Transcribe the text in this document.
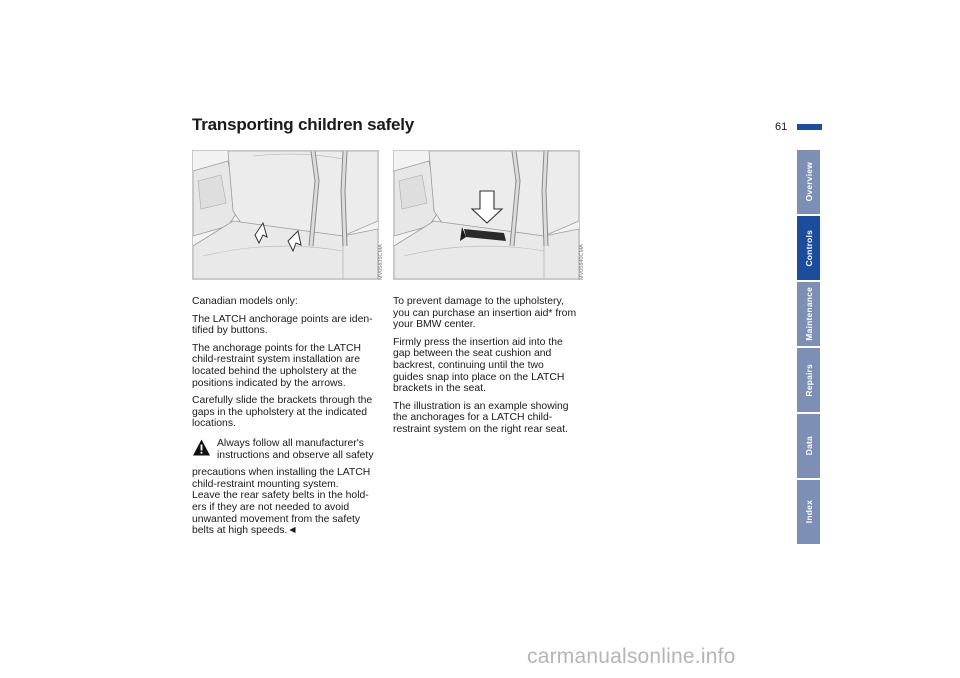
Transporting children safely	61
MV05835CMA	MV05840CMA

Canadian models only:

The LATCH anchorage points are iden-
tified by buttons.

The anchorage points for the LATCH
child-restraint system installation are
located behind the upholstery at the
positions indicated by the arrows.

Carefully slide the brackets through the
gaps in the upholstery at the indicated
locations.

Always follow all manufacturer's
instructions and observe all safety

precautions when installing the LATCH
child-restraint mounting system.
Leave the rear safety belts in the hold-
ers if they are not needed to avoid
unwanted movement from the safety
belts at high speeds.◄

To prevent damage to the upholstery,
you can purchase an insertion aid* from
your BMW center.

Firmly press the insertion aid into the
gap between the seat cushion and
backrest, continuing until the two
guides snap into place on the LATCH
brackets in the seat.

The illustration is an example showing
the anchorages for a LATCH child-
restraint system on the right rear seat.

Overview
Controls
Maintenance
Repairs
Data
Index
carmanualsonline.info
